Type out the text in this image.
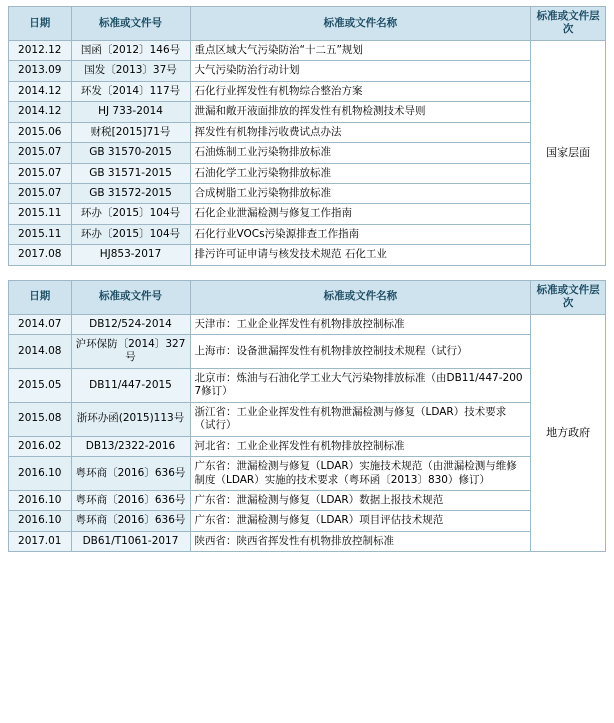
日期	标准或文件号	标准或文件名称	标准或文件层次
2012.12	国函〔2012〕146号	重点区域大气污染防治“十二五”规划	国家层面
2013.09	国发〔2013〕37号	大气污染防治行动计划	
2014.12	环发〔2014〕117号	石化行业挥发性有机物综合整治方案	
2014.12	HJ 733-2014	泄漏和敞开液面排放的挥发性有机物检测技术导则	
2015.06	财税[2015]71号	挥发性有机物排污收费试点办法	
2015.07	GB 31570-2015	石油炼制工业污染物排放标准	
2015.07	GB 31571-2015	石油化学工业污染物排放标准	
2015.07	GB 31572-2015	合成树脂工业污染物排放标准	
2015.11	环办〔2015〕104号	石化企业泄漏检测与修复工作指南	
2015.11	环办〔2015〕104号	石化行业VOCs污染源排查工作指南	
2017.08	HJ853-2017	排污许可证申请与核发技术规范 石化工业	
日期	标准或文件号	标准或文件名称	标准或文件层次
2014.07	DB12/524-2014	天津市：工业企业挥发性有机物排放控制标准	地方政府
2014.08	沪环保防〔2014〕327号	上海市：设备泄漏挥发性有机物排放控制技术规程（试行）	
2015.05	DB11/447-2015	北京市：炼油与石油化学工业大气污染物排放标准（由DB11/447-2007修订）	
2015.08	浙环办函(2015)113号	浙江省：工业企业挥发性有机物泄漏检测与修复（LDAR）技术要求（试行）	
2016.02	DB13/2322-2016	河北省：工业企业挥发性有机物排放控制标准	
2016.10	粤环商〔2016〕636号	广东省：泄漏检测与修复（LDAR）实施技术规范（由泄漏检测与维修制度（LDAR）实施的技术要求（粤环函〔2013〕830）修订）	
2016.10	粤环商〔2016〕636号	广东省：泄漏检测与修复（LDAR）数据上报技术规范	
2016.10	粤环商〔2016〕636号	广东省：泄漏检测与修复（LDAR）项目评估技术规范	
2017.01	DB61/T1061-2017	陕西省：陕西省挥发性有机物排放控制标准	
